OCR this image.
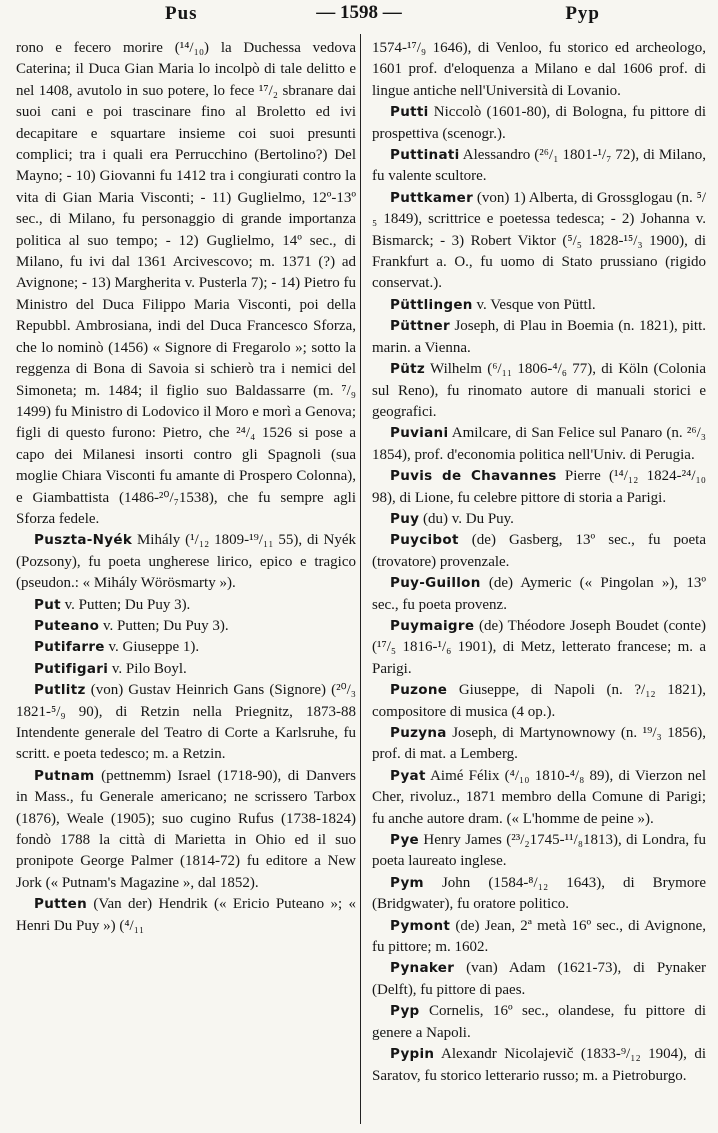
Pus	— 1598 —	Pyp

rono e fecero morire (¹⁴/₁₀) la Duchessa vedova Caterina; il Duca Gian Maria lo incolpò di tale delitto e nel 1408, avutolo in suo potere, lo fece ¹⁷/₂ sbranare dai suoi cani e poi trascinare fino al Broletto ed ivi decapitare e squartare insieme coi suoi presunti complici; tra i quali era Perrucchino (Bertolino?) Del Mayno; - 10) Giovanni fu 1412 tra i congiurati contro la vita di Gian Maria Visconti; - 11) Guglielmo, 12º-13º sec., di Milano, fu personaggio di grande importanza politica al suo tempo; - 12) Guglielmo, 14º sec., di Milano, fu ivi dal 1361 Arcivescovo; m. 1371 (?) ad Avignone; - 13) Margherita v. Pusterla 7); - 14) Pietro fu Ministro del Duca Filippo Maria Visconti, poi della Repubbl. Ambrosiana, indi del Duca Francesco Sforza, che lo nominò (1456) « Signore di Fregarolo »; sotto la reggenza di Bona di Savoia si schierò tra i nemici del Simoneta; m. 1484; il figlio suo Baldassarre (m. ⁷/₉ 1499) fu Ministro di Lodovico il Moro e morì a Genova; figli di questo furono: Pietro, che ²⁴/₄ 1526 si pose a capo dei Milanesi insorti contro gli Spagnoli (sua moglie Chiara Visconti fu amante di Prospero Colonna), e Giambattista (1486-²⁰/₇1538), che fu sempre agli Sforza fedele.

Puszta-Nyék Mihály (¹/₁₂ 1809-¹⁹/₁₁ 55), di Nyék (Pozsony), fu poeta ungherese lirico, epico e tragico (pseudon.: « Mihály Wörösmarty »).

Put v. Putten; Du Puy 3).

Puteano v. Putten; Du Puy 3).

Putifarre v. Giuseppe 1).

Putifigari v. Pilo Boyl.

Putlitz (von) Gustav Heinrich Gans (Signore) (²⁰/₃ 1821-⁵/₉ 90), di Retzin nella Priegnitz, 1873-88 Intendente generale del Teatro di Corte a Karlsruhe, fu scritt. e poeta tedesco; m. a Retzin.

Putnam (pettnemm) Israel (1718-90), di Danvers in Mass., fu Generale americano; ne scrissero Tarbox (1876), Weale (1905); suo cugino Rufus (1738-1824) fondò 1788 la città di Marietta in Ohio ed il suo pronipote George Palmer (1814-72) fu editore a New Jork (« Putnam's Magazine », dal 1852).

Putten (Van der) Hendrik (« Ericio Puteano »; « Henri Du Puy ») (⁴/₁₁

1574-¹⁷/₉ 1646), di Venloo, fu storico ed archeologo, 1601 prof. d'eloquenza a Milano e dal 1606 prof. di lingue antiche nell'Università di Lovanio.

Putti Niccolò (1601-80), di Bologna, fu pittore di prospettiva (scenogr.).

Puttinati Alessandro (²⁶/₁ 1801-¹/₇ 72), di Milano, fu valente scultore.

Puttkamer (von) 1) Alberta, di Grossglogau (n. ⁵/₅ 1849), scrittrice e poetessa tedesca; - 2) Johanna v. Bismarck; - 3) Robert Viktor (⁵/₅ 1828-¹⁵/₃ 1900), di Frankfurt a. O., fu uomo di Stato prussiano (rigido conservat.).

Püttlingen v. Vesque von Püttl.

Püttner Joseph, di Plau in Boemia (n. 1821), pitt. marin. a Vienna.

Pütz Wilhelm (⁶/₁₁ 1806-⁴/₆ 77), di Köln (Colonia sul Reno), fu rinomato autore di manuali storici e geografici.

Puviani Amilcare, di San Felice sul Panaro (n. ²⁶/₃ 1854), prof. d'economia politica nell'Univ. di Perugia.

Puvis de Chavannes Pierre (¹⁴/₁₂ 1824-²⁴/₁₀ 98), di Lione, fu celebre pittore di storia a Parigi.

Puy (du) v. Du Puy.

Puycibot (de) Gasberg, 13º sec., fu poeta (trovatore) provenzale.

Puy-Guillon (de) Aymeric (« Pingolan »), 13º sec., fu poeta provenz.

Puymaigre (de) Théodore Joseph Boudet (conte) (¹⁷/₅ 1816-¹/₆ 1901), di Metz, letterato francese; m. a Parigi.

Puzone Giuseppe, di Napoli (n. ?/₁₂ 1821), compositore di musica (4 op.).

Puzyna Joseph, di Martynownowy (n. ¹⁹/₃ 1856), prof. di mat. a Lemberg.

Pyat Aimé Félix (⁴/₁₀ 1810-⁴/₈ 89), di Vierzon nel Cher, rivoluz., 1871 membro della Comune di Parigi; fu anche autore dram. (« L'homme de peine »).

Pye Henry James (²³/₂1745-¹¹/₈1813), di Londra, fu poeta laureato inglese.

Pym John (1584-⁸/₁₂ 1643), di Brymore (Bridgwater), fu oratore politico.

Pymont (de) Jean, 2ª metà 16º sec., di Avignone, fu pittore; m. 1602.

Pynaker (van) Adam (1621-73), di Pynaker (Delft), fu pittore di paes.

Pyp Cornelis, 16º sec., olandese, fu pittore di genere a Napoli.

Pypin Alexandr Nicolajevič (1833-⁹/₁₂ 1904), di Saratov, fu storico letterario russo; m. a Pietroburgo.
